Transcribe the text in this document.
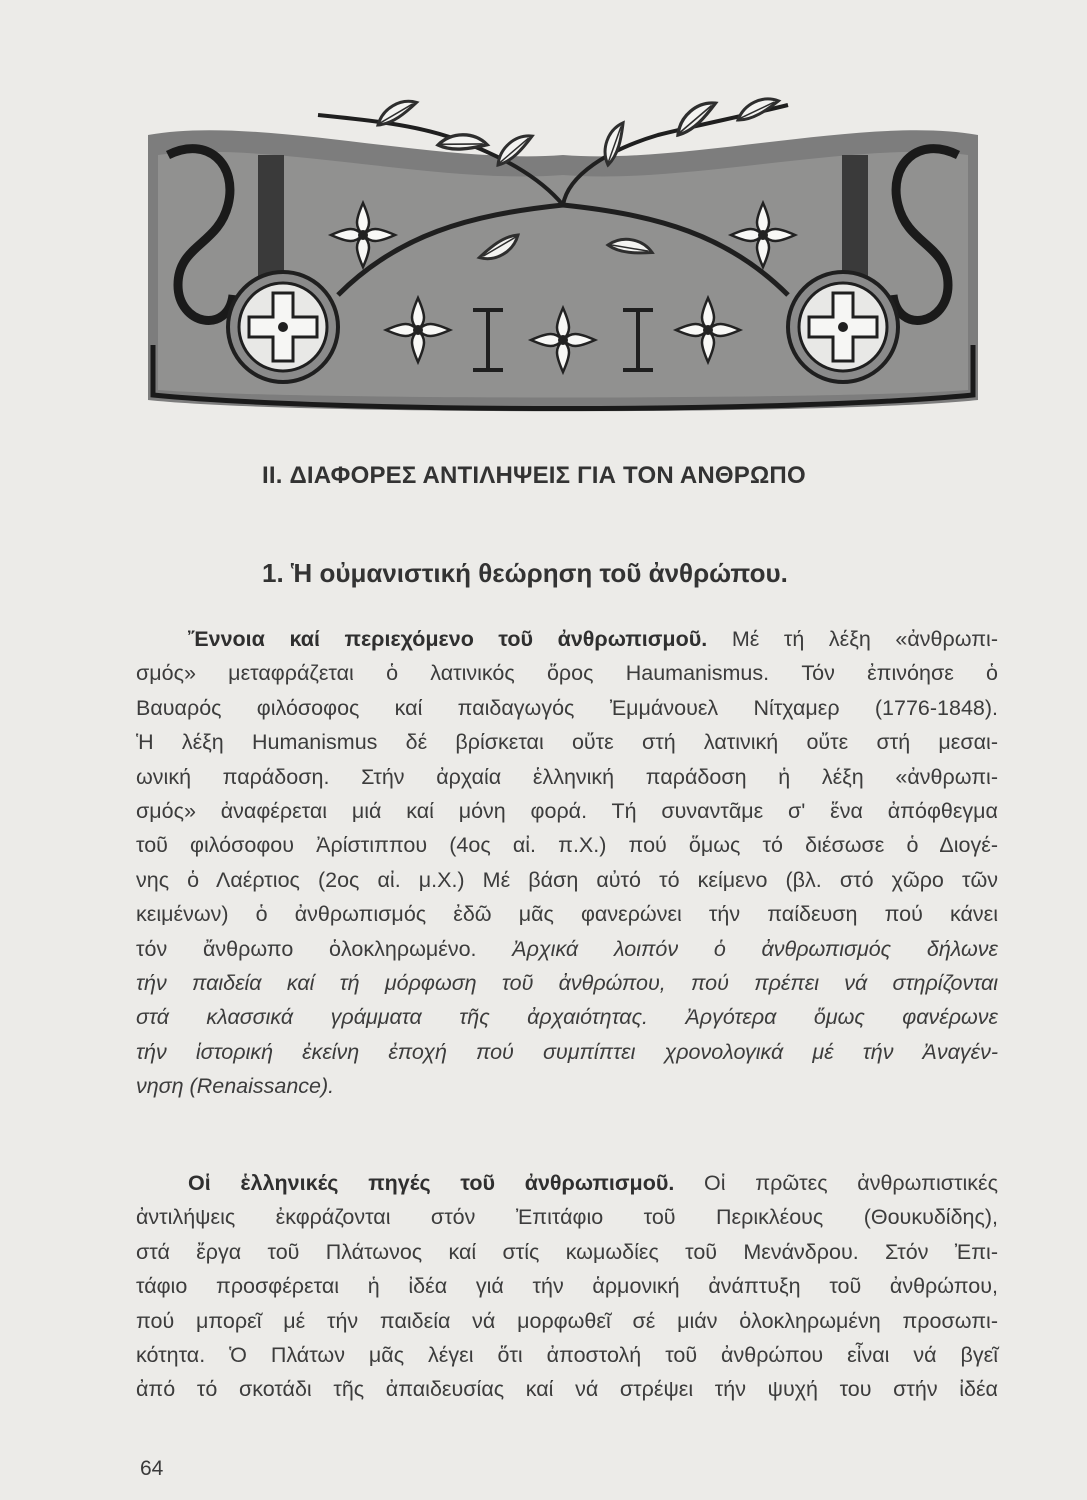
II. ΔΙΑΦΟΡΕΣ ΑΝΤΙΛΗΨΕΙΣ ΓΙΑ ΤΟΝ ΑΝΘΡΩΠΟ
1. Ἡ οὐμανιστική θεώρηση τοῦ ἀνθρώπου.
Ἔννοια καί περιεχόμενο τοῦ ἀνθρωπισμοῦ. Μέ τή λέξη «ἀνθρωπι-
σμός» μεταφράζεται ὁ λατινικός ὅρος Haumanismus. Τόν ἐπινόησε ὁ
Βαυαρός φιλόσοφος καί παιδαγωγός Ἐμμάνουελ Νίτχαμερ (1776-1848).
Ἡ λέξη Humanismus δέ βρίσκεται οὔτε στή λατινική οὔτε στή μεσαι-
ωνική παράδοση. Στήν ἀρχαία ἑλληνική παράδοση ἡ λέξη «ἀνθρωπι-
σμός» ἀναφέρεται μιά καί μόνη φορά. Τή συναντᾶμε σ' ἕνα ἀπόφθεγμα
τοῦ φιλόσοφου Ἀρίστιππου (4ος αἰ. π.Χ.) πού ὅμως τό διέσωσε ὁ Διογέ-
νης ὁ Λαέρτιος (2ος αἰ. μ.Χ.) Μέ βάση αὐτό τό κείμενο (βλ. στό χῶρο τῶν
κειμένων) ὁ ἀνθρωπισμός ἐδῶ μᾶς φανερώνει τήν παίδευση πού κάνει
τόν ἄνθρωπο ὁλοκληρωμένο. Ἀρχικά λοιπόν ὁ ἀνθρωπισμός δήλωνε
τήν παιδεία καί τή μόρφωση τοῦ ἀνθρώπου, πού πρέπει νά στηρίζονται
στά κλασσικά γράμματα τῆς ἀρχαιότητας. Ἀργότερα ὅμως φανέρωνε
τήν ἱστορική ἐκείνη ἐποχή πού συμπίπτει χρονολογικά μέ τήν Ἀναγέν-
νηση (Renaissance).
Οἱ ἑλληνικές πηγές τοῦ ἀνθρωπισμοῦ. Οἱ πρῶτες ἀνθρωπιστικές
ἀντιλήψεις ἐκφράζονται στόν Ἐπιτάφιο τοῦ Περικλέους (Θουκυδίδης),
στά ἔργα τοῦ Πλάτωνος καί στίς κωμωδίες τοῦ Μενάνδρου. Στόν Ἐπι-
τάφιο προσφέρεται ἡ ἰδέα γιά τήν ἁρμονική ἀνάπτυξη τοῦ ἀνθρώπου,
πού μπορεῖ μέ τήν παιδεία νά μορφωθεῖ σέ μιάν ὁλοκληρωμένη προσωπι-
κότητα. Ὁ Πλάτων μᾶς λέγει ὅτι ἀποστολή τοῦ ἀνθρώπου εἶναι νά βγεῖ
ἀπό τό σκοτάδι τῆς ἀπαιδευσίας καί νά στρέψει τήν ψυχή του στήν ἰδέα
64
